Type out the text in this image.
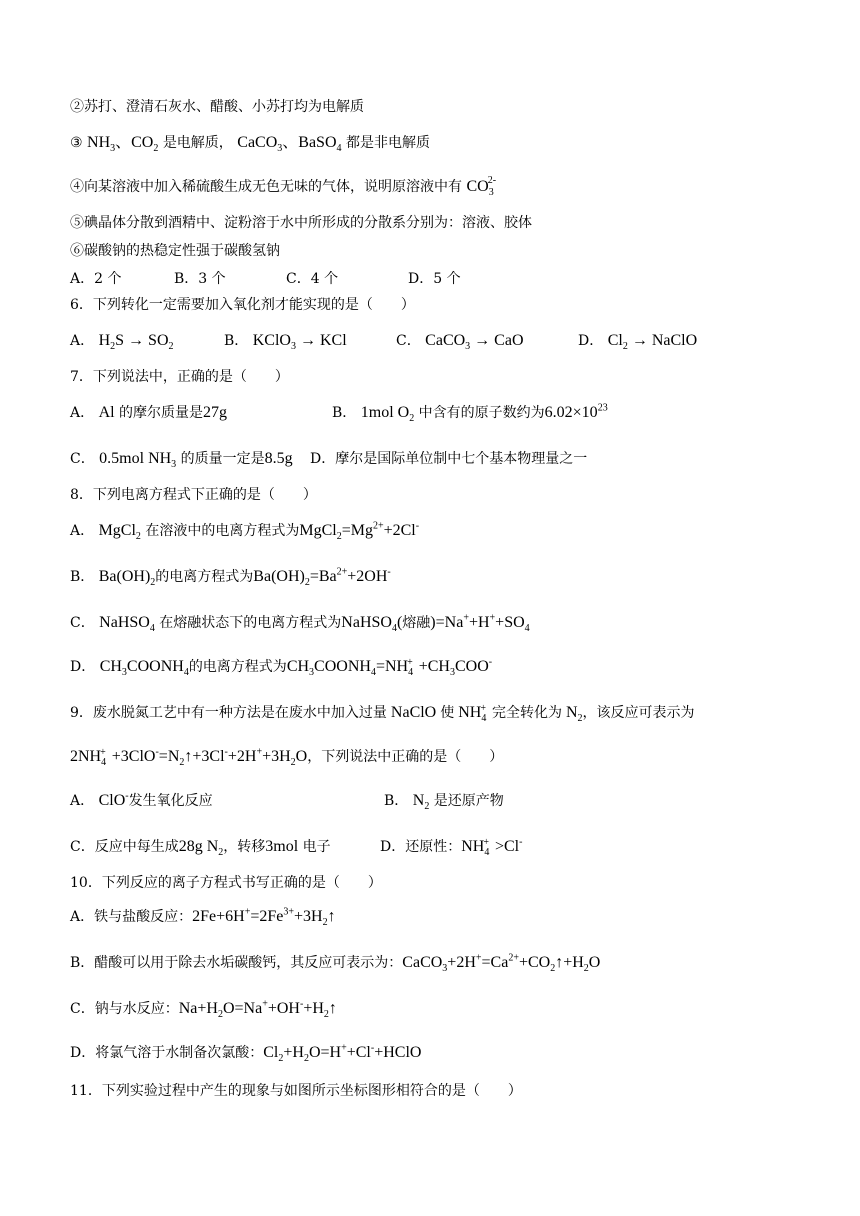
②苏打、澄清石灰水、醋酸、小苏打均为电解质
③ $NH_3$、$CO_2$ 是电解质， CaCO$_3$、BaSO$_4$ 都是非电解质
④向某溶液中加入稀硫酸生成无色无味的气体，说明原溶液中有 $CO_3^{2-}$
⑤碘晶体分散到酒精中、淀粉溶于水中所形成的分散系分别为：溶液、胶体
⑥碳酸钠的热稳定性强于碳酸氢钠
A．2 个	B．3 个	C．4 个	D．5 个
6．下列转化一定需要加入氧化剂才能实现的是（　　）
A． $H_2S \to SO_2$	B． KClO$_3$ → KCl	C． CaCO$_3$ → CaO	D． $Cl_2$ → NaClO
7．下列说法中，正确的是（　　）
A． Al 的摩尔质量是27g	B． 1mol $O_2$ 中含有的原子数约为$6.02\times 10^{23}$
C． 0.5mol $NH_3$ 的质量一定是8.5g D．摩尔是国际单位制中七个基本物理量之一
8．下列电离方程式下正确的是（　　）
A． MgCl$_2$ 在溶液中的电离方程式为$MgCl_2=Mg^{2+}+2Cl^-$
B． $Ba(OH)_2$的电离方程式为$Ba(OH)_2=Ba^{2+}+2OH^-$
C． NaHSO$_4$ 在熔融状态下的电离方程式为NaHSO$_4$(熔融)$=Na^++H^++SO_4$
D． $CH_3COONH_4$的电离方程式为$CH_3COONH_4=NH_4^+ +CH_3COO^-$
9．废水脱氮工艺中有一种方法是在废水中加入过量 NaClO 使 $NH_4^+$ 完全转化为 $N_2$，该反应可表示为
$2NH_4^+$ $+3ClO^-=N_2↑+3Cl^-+2H^++3H_2O$，下列说法中正确的是（　　）
A． ClO-发生氧化反应	B． $N_2$ 是还原产物
C．反应中每生成28g $N_2$，转移3mol 电子	D．还原性：$NH_4^+ >Cl^-$
10．下列反应的离子方程式书写正确的是（　　）
A．铁与盐酸反应：$2Fe+6H^+=2Fe^{3+}+3H_2↑$
B．醋酸可以用于除去水垢碳酸钙，其反应可表示为：$CaCO_3+2H^+=Ca^{2+}+CO_2↑+H_2O$
C．钠与水反应：$Na+H_2O=Na^++OH^-+H_2↑$
D．将氯气溶于水制备次氯酸：$Cl_2+H_2O=H^++Cl^-+HClO$
11．下列实验过程中产生的现象与如图所示坐标图形相符合的是（　　）
